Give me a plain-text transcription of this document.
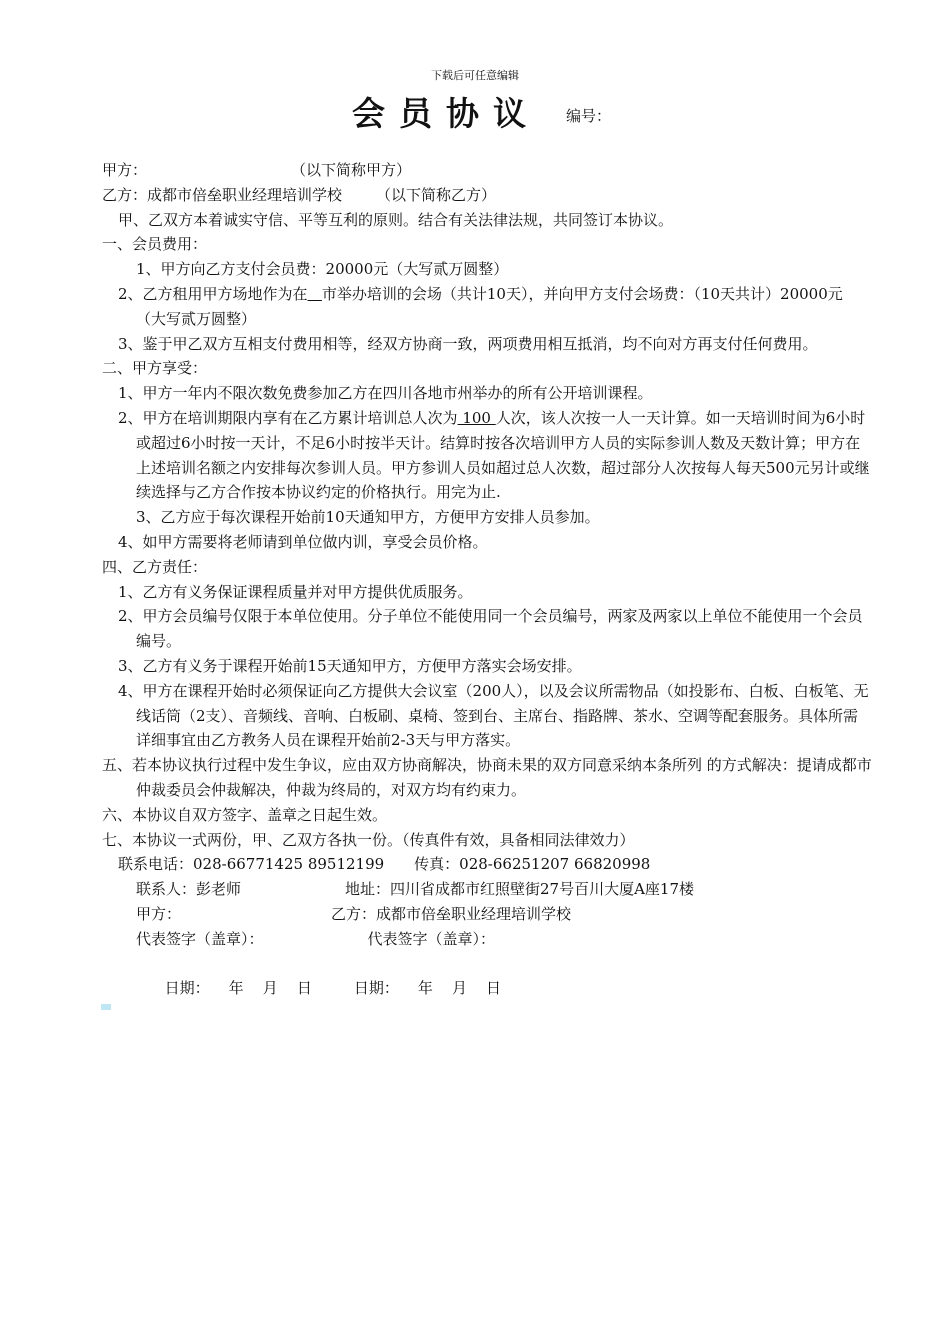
下载后可任意编辑
会员协议 编号：
甲方：	（以下简称甲方）
乙方：成都市倍垒职业经理培训学校 （以下简称乙方）
甲、乙双方本着诚实守信、平等互利的原则。结合有关法律法规，共同签订本协议。
一、会员费用：
1、甲方向乙方支付会员费：20000元（大写贰万圆整）
2、乙方租用甲方场地作为在 市举办培训的会场（共计10天），并向甲方支付会场费：（10天共计）20000元 （大写贰万圆整）
3、鉴于甲乙双方互相支付费用相等，经双方协商一致，两项费用相互抵消，均不向对方再支付任何费用。
二、甲方享受：
1、甲方一年内不限次数免费参加乙方在四川各地市州举办的所有公开培训课程。
2、甲方在培训期限内享有在乙方累计培训总人次为 100 人次，该人次按一人一天计算。如一天培训时间为6小时或超过6小时按一天计，不足6小时按半天计。结算时按各次培训甲方人员的实际参训人数及天数计算；甲方在上述培训名额之内安排每次参训人员。甲方参训人员如超过总人次数，超过部分人次按每人每天500元另计或继续选择与乙方合作按本协议约定的价格执行。用完为止.
3、乙方应于每次课程开始前10天通知甲方，方便甲方安排人员参加。
4、如甲方需要将老师请到单位做内训，享受会员价格。
四、乙方责任：
1、乙方有义务保证课程质量并对甲方提供优质服务。
2、甲方会员编号仅限于本单位使用。分子单位不能使用同一个会员编号，两家及两家以上单位不能使用一个会员编号。
3、乙方有义务于课程开始前15天通知甲方，方便甲方落实会场安排。
4、甲方在课程开始时必须保证向乙方提供大会议室（200人），以及会议所需物品（如投影布、白板、白板笔、无线话筒（2支）、音频线、音响、白板刷、桌椅、签到台、主席台、指路牌、茶水、空调等配套服务。具体所需详细事宜由乙方教务人员在课程开始前2-3天与甲方落实。
五、若本协议执行过程中发生争议，应由双方协商解决，协商未果的双方同意采纳本条所列 的方式解决：提请成都市仲裁委员会仲裁解决，仲裁为终局的，对双方均有约束力。
六、本协议自双方签字、盖章之日起生效。
七、本协议一式两份，甲、乙双方各执一份。（传真件有效，具备相同法律效力）
联系电话：028-66771425 89512199 传真：028-66251207 66820998
联系人：彭老师	地址：四川省成都市红照壁街27号百川大厦A座17楼
甲方：	乙方：成都市倍垒职业经理培训学校
代表签字（盖章）：	代表签字（盖章）：

日期：    年    月    日	日期：    年    月    日
